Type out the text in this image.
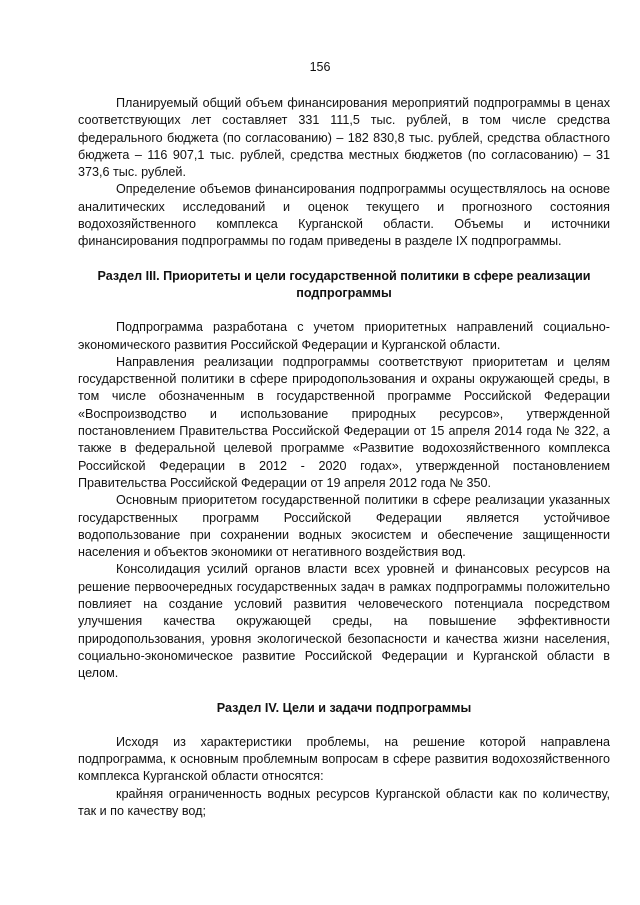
156

Планируемый общий объем финансирования мероприятий подпрограммы в ценах соответствующих лет составляет 331 111,5 тыс. рублей, в том числе средства федерального бюджета (по согласованию) – 182 830,8 тыс. рублей, средства областного бюджета – 116 907,1 тыс. рублей, средства местных бюджетов (по согласованию) – 31 373,6 тыс. рублей.

Определение объемов финансирования подпрограммы осуществлялось на основе аналитических исследований и оценок текущего и прогнозного состояния водохозяйственного комплекса Курганской области. Объемы и источники финансирования подпрограммы по годам приведены в разделе IX подпрограммы.

Раздел III. Приоритеты и цели государственной политики в сфере реализации подпрограммы

Подпрограмма разработана с учетом приоритетных направлений социально-экономического развития Российской Федерации и Курганской области.

Направления реализации подпрограммы соответствуют приоритетам и целям государственной политики в сфере природопользования и охраны окружающей среды, в том числе обозначенным в государственной программе Российской Федерации «Воспроизводство и использование природных ресурсов», утвержденной постановлением Правительства Российской Федерации от 15 апреля 2014 года № 322, а также в федеральной целевой программе «Развитие водохозяйственного комплекса Российской Федерации в 2012 - 2020 годах», утвержденной постановлением Правительства Российской Федерации от 19 апреля 2012 года № 350.

Основным приоритетом государственной политики в сфере реализации указанных государственных программ Российской Федерации является устойчивое водопользование при сохранении водных экосистем и обеспечение защищенности населения и объектов экономики от негативного воздействия вод.

Консолидация усилий органов власти всех уровней и финансовых ресурсов на решение первоочередных государственных задач в рамках подпрограммы положительно повлияет на создание условий развития человеческого потенциала посредством улучшения качества окружающей среды, на повышение эффективности природопользования, уровня экологической безопасности и качества жизни населения, социально-экономическое развитие Российской Федерации и Курганской области в целом.

Раздел IV. Цели и задачи подпрограммы

Исходя из характеристики проблемы, на решение которой направлена подпрограмма, к основным проблемным вопросам в сфере развития водохозяйственного комплекса Курганской области относятся:

крайняя ограниченность водных ресурсов Курганской области как по количеству, так и по качеству вод;
